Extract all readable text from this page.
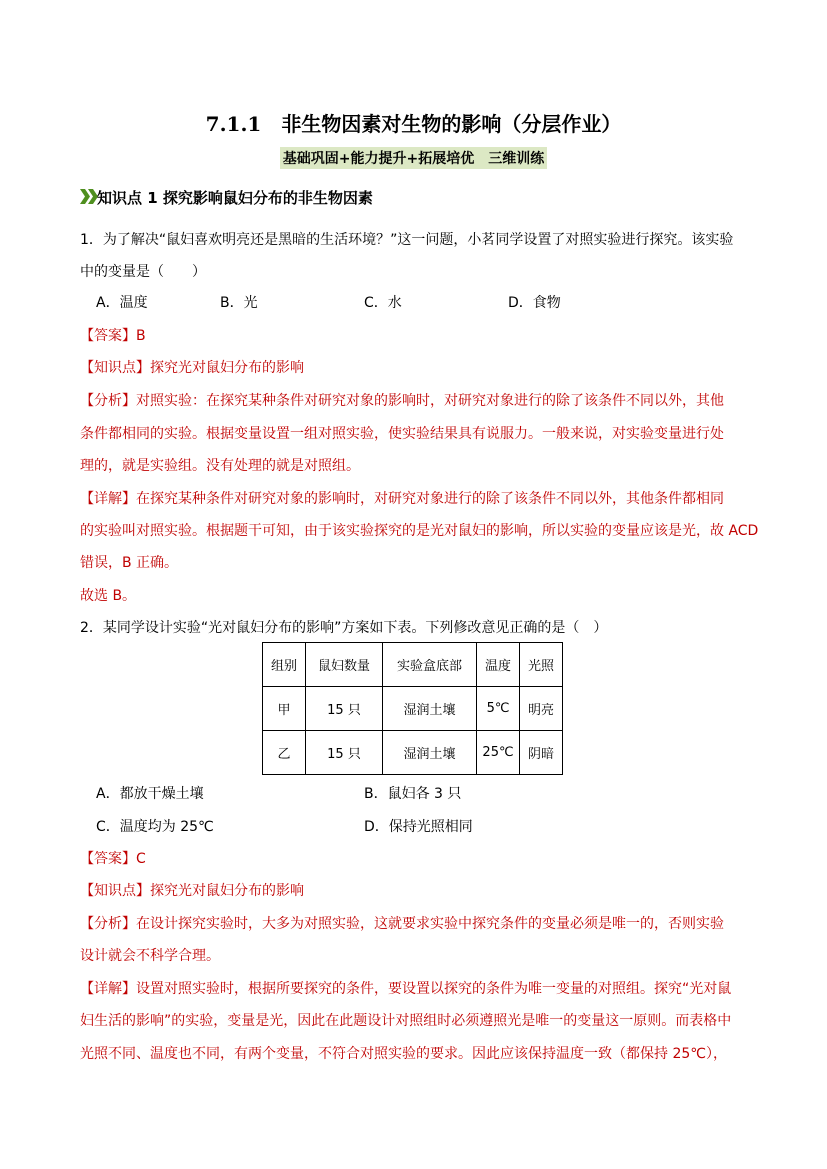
7.1.1　非生物因素对生物的影响（分层作业）
基础巩固+能力提升+拓展培优　三维训练
知识点 1 探究影响鼠妇分布的非生物因素
1．为了解决“鼠妇喜欢明亮还是黑暗的生活环境？”这一问题，小茗同学设置了对照实验进行探究。该实验
中的变量是（　　）
A．温度	B．光	C．水	D．食物
【答案】B
【知识点】探究光对鼠妇分布的影响
【分析】对照实验：在探究某种条件对研究对象的影响时，对研究对象进行的除了该条件不同以外，其他
条件都相同的实验。根据变量设置一组对照实验，使实验结果具有说服力。一般来说，对实验变量进行处
理的，就是实验组。没有处理的就是对照组。
【详解】在探究某种条件对研究对象的影响时，对研究对象进行的除了该条件不同以外，其他条件都相同
的实验叫对照实验。根据题干可知，由于该实验探究的是光对鼠妇的影响，所以实验的变量应该是光，故 ACD
错误，B 正确。
故选 B。
2．某同学设计实验“光对鼠妇分布的影响”方案如下表。下列修改意见正确的是（　）
组别	鼠妇数量	实验盒底部	温度	光照
甲	15 只	湿润土壤	5℃	明亮
乙	15 只	湿润土壤	25℃	阴暗
A．都放干燥土壤	B．鼠妇各 3 只
C．温度均为 25℃	D．保持光照相同
【答案】C
【知识点】探究光对鼠妇分布的影响
【分析】在设计探究实验时，大多为对照实验，这就要求实验中探究条件的变量必须是唯一的，否则实验
设计就会不科学合理。
【详解】设置对照实验时，根据所要探究的条件，要设置以探究的条件为唯一变量的对照组。探究“光对鼠
妇生活的影响”的实验，变量是光，因此在此题设计对照组时必须遵照光是唯一的变量这一原则。而表格中
光照不同、温度也不同，有两个变量，不符合对照实验的要求。因此应该保持温度一致（都保持 25℃），
